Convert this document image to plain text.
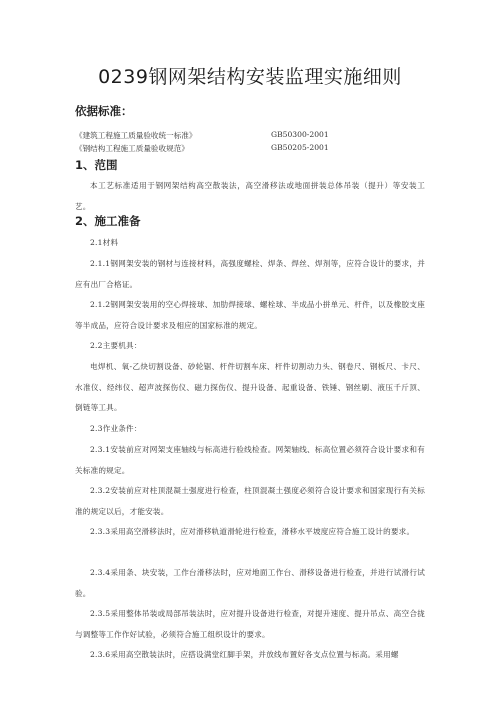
0239钢网架结构安装监理实施细则
依据标准：
《建筑工程施工质量验收统一标准》	GB50300-2001
《钢结构工程施工质量验收规范》	GB50205-2001
1、范围
本工艺标准适用于钢网架结构高空散装法，高空滑移法或地面拼装总体吊装（提升）等安装工艺。
2、施工准备
2.1材料
2.1.1钢网架安装的钢材与连接材料，高强度螺栓、焊条、焊丝、焊剂等，应符合设计的要求，并应有出厂合格证。
2.1.2钢网架安装用的空心焊接球、加肋焊接球、螺栓球、半成品小拼单元、杆件，以及橡胶支座等半成品，应符合设计要求及相应的国家标准的规定。
2.2主要机具：
电焊机、氧-乙炔切割设备、砂轮锯、杆件切割车床、杆件切割动力头、钢卷尺、钢板尺、卡尺、水准仪、经纬仪、超声波探伤仪、磁力探伤仪、提升设备、起重设备、铁锤、钢丝刷、液压千斤顶、倒链等工具。
2.3作业条件：
2.3.1安装前应对网架支座轴线与标高进行验线检查。网架轴线、标高位置必须符合设计要求和有关标准的规定。
2.3.2安装前应对柱顶混凝土强度进行检查，柱顶混凝土强度必须符合设计要求和国家现行有关标准的规定以后，才能安装。
2.3.3采用高空滑移法时，应对滑移轨道滑轮进行检查，滑移水平坡度应符合施工设计的要求。
2.3.4采用条、块安装，工作台滑移法时，应对地面工作台、滑移设备进行检查，并进行试滑行试验。
2.3.5采用整体吊装或局部吊装法时，应对提升设备进行检查，对提升速度、提升吊点、高空合拢与调整等工作作好试验，必须符合施工组织设计的要求。
2.3.6采用高空散装法时，应搭设满堂红脚手架，并放线布置好各支点位置与标高。采用螺
